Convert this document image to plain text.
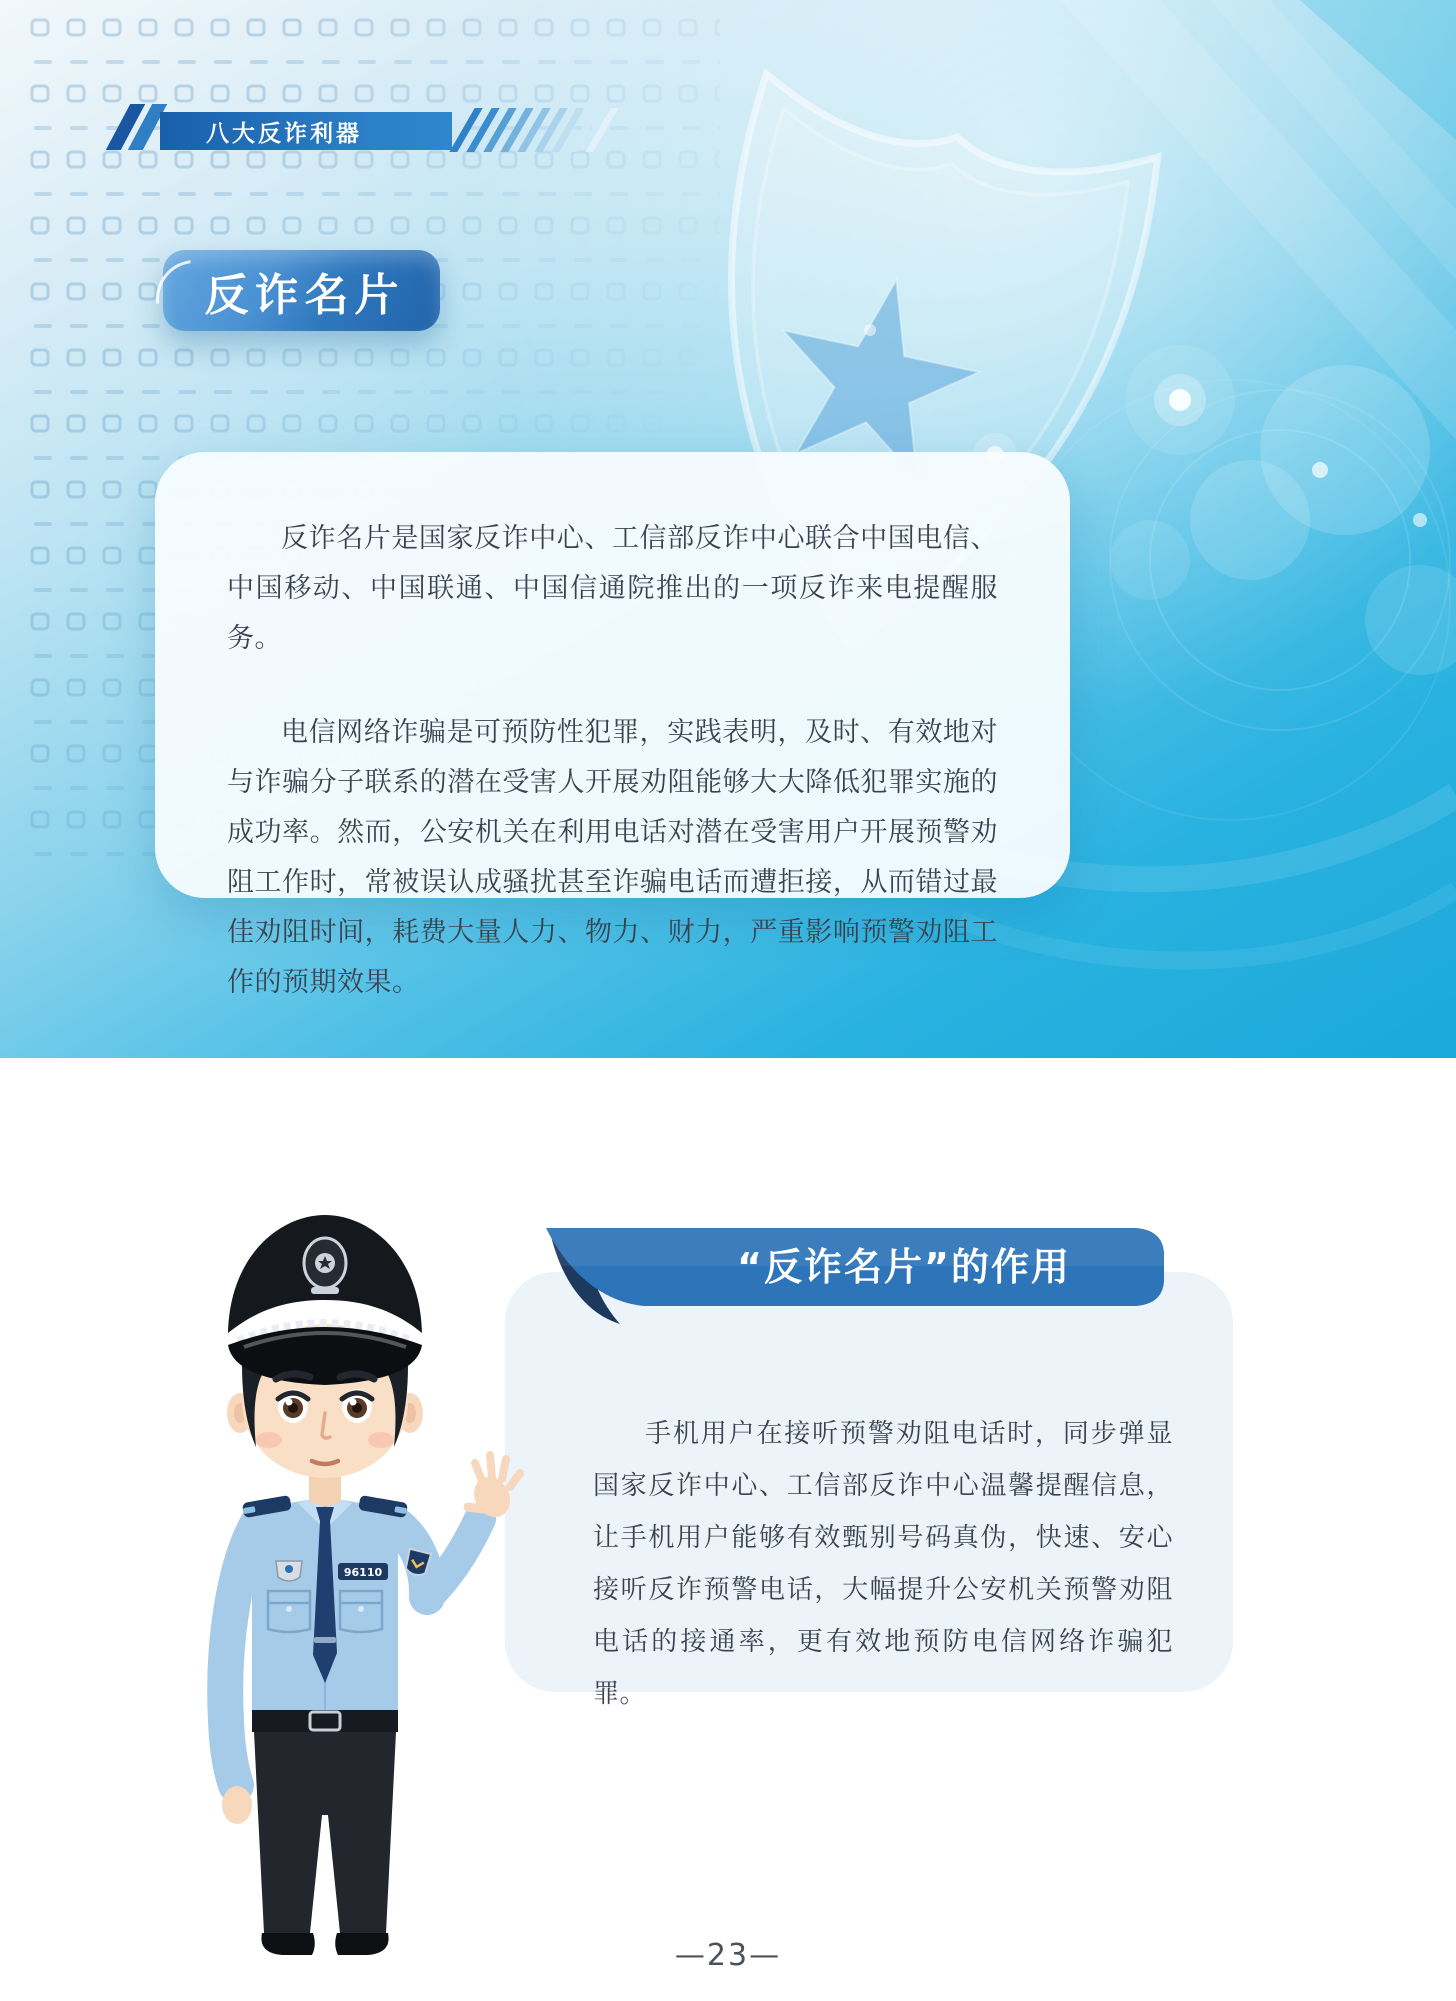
八大反诈利器
反诈名片

反诈名片是国家反诈中心、工信部反诈中心联合中国电信、中国移动、中国联通、中国信通院推出的一项反诈来电提醒服务。

电信网络诈骗是可预防性犯罪，实践表明，及时、有效地对与诈骗分子联系的潜在受害人开展劝阻能够大大降低犯罪实施的成功率。然而，公安机关在利用电话对潜在受害用户开展预警劝阻工作时，常被误认成骚扰甚至诈骗电话而遭拒接，从而错过最佳劝阻时间，耗费大量人力、物力、财力，严重影响预警劝阻工作的预期效果。

手机用户在接听预警劝阻电话时，同步弹显国家反诈中心、工信部反诈中心温馨提醒信息，让手机用户能够有效甄别号码真伪，快速、安心接听反诈预警电话，大幅提升公安机关预警劝阻电话的接通率，更有效地预防电信网络诈骗犯罪。
“反诈名片”的作用
96110
—23—
